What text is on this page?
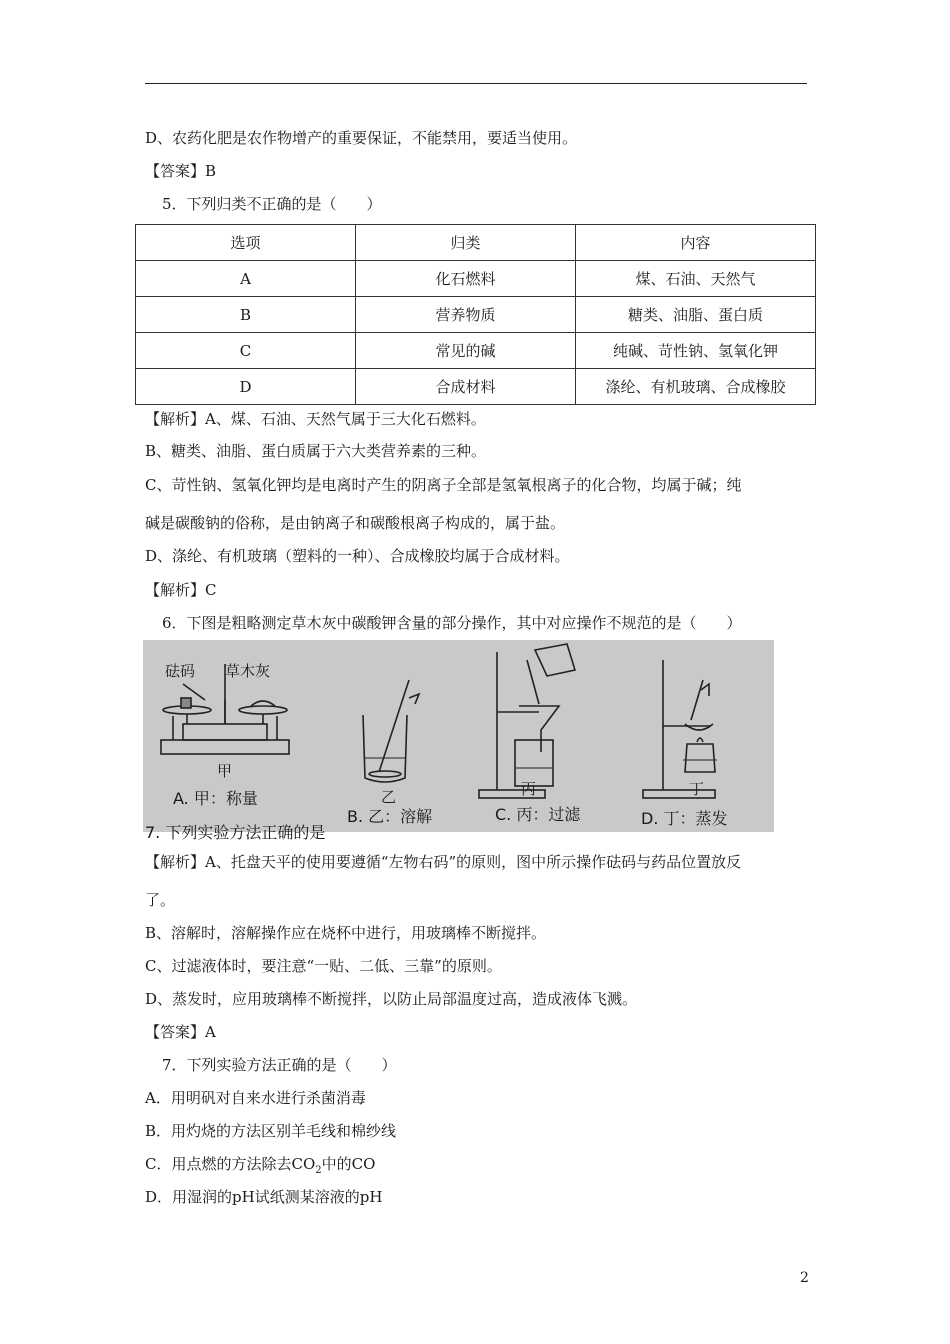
D、农药化肥是农作物增产的重要保证，不能禁用，要适当使用。
【答案】B
5．下列归类不正确的是（　　）
选项	归类	内容
A	化石燃料	煤、石油、天然气
B	营养物质	糖类、油脂、蛋白质
C	常见的碱	纯碱、苛性钠、氢氧化钾
D	合成材料	涤纶、有机玻璃、合成橡胶
【解析】A、煤、石油、天然气属于三大化石燃料。
B、糖类、油脂、蛋白质属于六大类营养素的三种。
C、苛性钠、氢氧化钾均是电离时产生的阴离子全部是氢氧根离子的化合物，均属于碱；纯
碱是碳酸钠的俗称，是由钠离子和碳酸根离子构成的，属于盐。
D、涤纶、有机玻璃（塑料的一种）、合成橡胶均属于合成材料。
【解析】C
6．下图是粗略测定草木灰中碳酸钾含量的部分操作，其中对应操作不规范的是（　　）
砝码 草木灰
甲
乙	丙	丁
A. 甲：称量
B. 乙：溶解	C. 丙：过滤	D. 丁：蒸发
7. 下列实验方法正确的是
【解析】A、托盘天平的使用要遵循“左物右码”的原则，图中所示操作砝码与药品位置放反
了。
B、溶解时，溶解操作应在烧杯中进行，用玻璃棒不断搅拌。
C、过滤液体时，要注意“一贴、二低、三靠”的原则。
D、蒸发时，应用玻璃棒不断搅拌，以防止局部温度过高，造成液体飞溅。
【答案】A
7．下列实验方法正确的是（　　）
A．用明矾对自来水进行杀菌消毒
B．用灼烧的方法区别羊毛线和棉纱线
C．用点燃的方法除去$CO_2$中的CO
D．用湿润的pH试纸测某溶液的pH
2
